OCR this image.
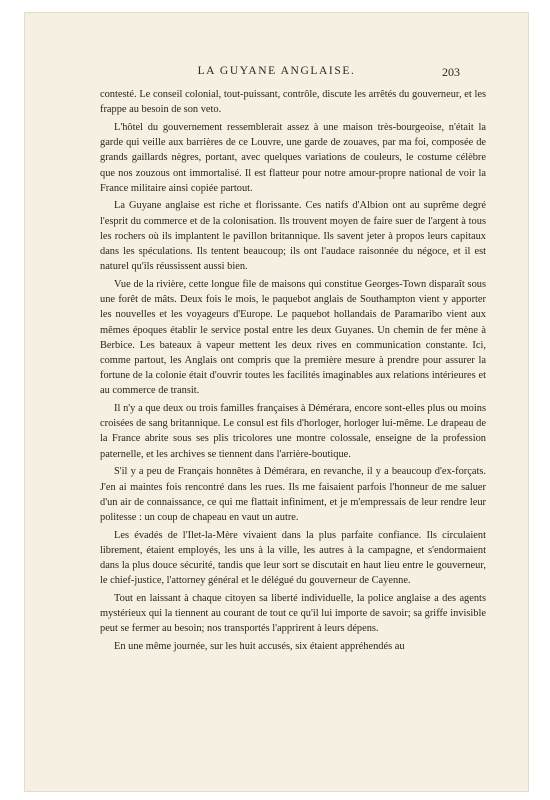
LA GUYANE ANGLAISE.	203

contesté. Le conseil colonial, tout-puissant, contrôle, discute les arrêtés du gouverneur, et les frappe au besoin de son veto.

L'hôtel du gouvernement ressemblerait assez à une maison très-bourgeoise, n'était la garde qui veille aux barrières de ce Louvre, une garde de zouaves, par ma foi, composée de grands gaillards nègres, portant, avec quelques variations de couleurs, le costume célèbre que nos zouzous ont immortalisé. Il est flatteur pour notre amour-propre national de voir la France militaire ainsi copiée partout.

La Guyane anglaise est riche et florissante. Ces natifs d'Albion ont au suprême degré l'esprit du commerce et de la colonisation. Ils trouvent moyen de faire suer de l'argent à tous les rochers où ils implantent le pavillon britannique. Ils savent jeter à propos leurs capitaux dans les spéculations. Ils tentent beaucoup; ils ont l'audace raisonnée du négoce, et il est naturel qu'ils réussissent aussi bien.

Vue de la rivière, cette longue file de maisons qui constitue Georges-Town disparaît sous une forêt de mâts. Deux fois le mois, le paquebot anglais de Southampton vient y apporter les nouvelles et les voyageurs d'Europe. Le paquebot hollandais de Paramaribo vient aux mêmes époques établir le service postal entre les deux Guyanes. Un chemin de fer mène à Berbice. Les bateaux à vapeur mettent les deux rives en communication constante. Ici, comme partout, les Anglais ont compris que la première mesure à prendre pour assurer la fortune de la colonie était d'ouvrir toutes les facilités imaginables aux relations intérieures et au commerce de transit.

Il n'y a que deux ou trois familles françaises à Démérara, encore sont-elles plus ou moins croisées de sang britannique. Le consul est fils d'horloger, horloger lui-même. Le drapeau de la France abrite sous ses plis tricolores une montre colossale, enseigne de la profession paternelle, et les archives se tiennent dans l'arrière-boutique.

S'il y a peu de Français honnêtes à Démérara, en revanche, il y a beaucoup d'ex-forçats. J'en ai maintes fois rencontré dans les rues. Ils me faisaient parfois l'honneur de me saluer d'un air de connaissance, ce qui me flattait infiniment, et je m'empressais de leur rendre leur politesse : un coup de chapeau en vaut un autre.

Les évadés de l'Ilet-la-Mère vivaient dans la plus parfaite confiance. Ils circulaient librement, étaient employés, les uns à la ville, les autres à la campagne, et s'endormaient dans la plus douce sécurité, tandis que leur sort se discutait en haut lieu entre le gouverneur, le chief-justice, l'attorney général et le délégué du gouverneur de Cayenne.

Tout en laissant à chaque citoyen sa liberté individuelle, la police anglaise a des agents mystérieux qui la tiennent au courant de tout ce qu'il lui importe de savoir; sa griffe invisible peut se fermer au besoin; nos transportés l'apprirent à leurs dépens.

En une même journée, sur les huit accusés, six étaient appréhendés au
